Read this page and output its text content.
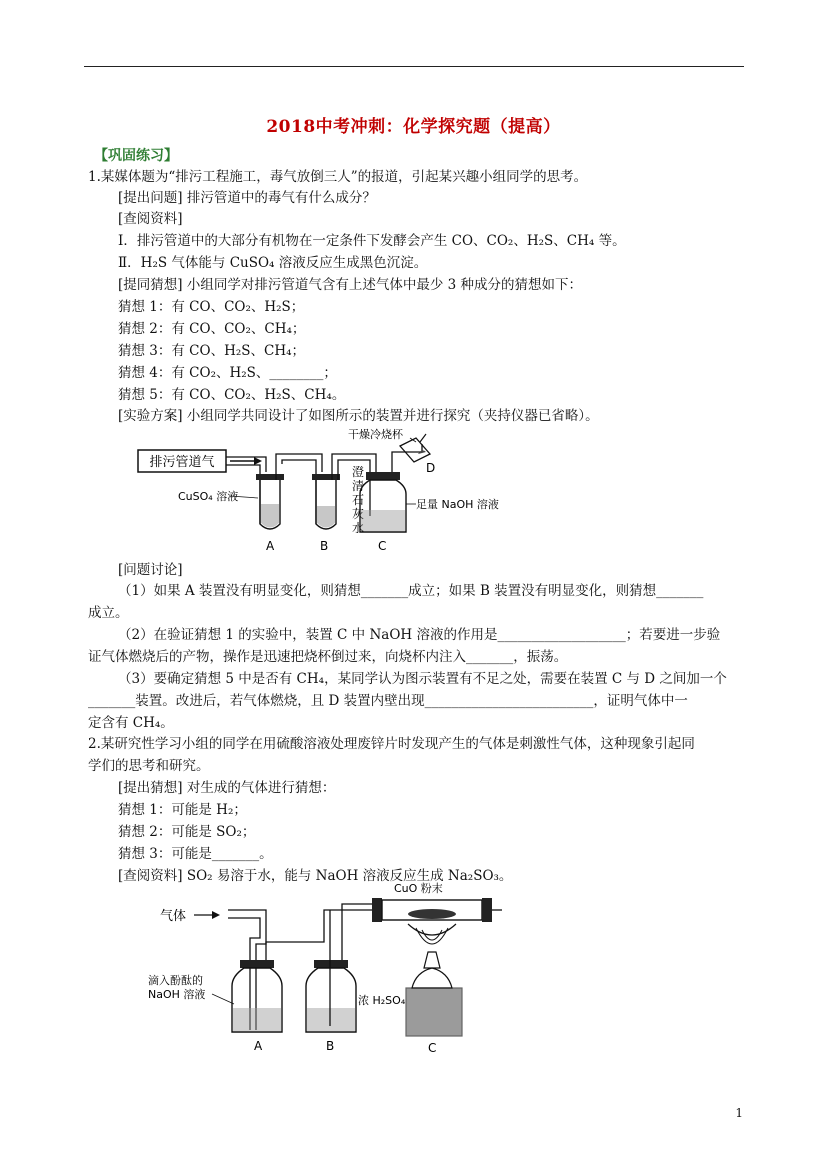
2018中考冲刺：化学探究题（提高）
【巩固练习】
1.某媒体题为“排污工程施工，毒气放倒三人”的报道，引起某兴趣小组同学的思考。
[提出问题] 排污管道中的毒气有什么成分？
[查阅资料]
Ⅰ．排污管道中的大部分有机物在一定条件下发酵会产生 CO、CO₂、H₂S、CH₄ 等。
Ⅱ．H₂S 气体能与 CuSO₄ 溶液反应生成黑色沉淀。
[提同猜想] 小组同学对排污管道气含有上述气体中最少 3 种成分的猜想如下：
猜想 1：有 CO、CO₂、H₂S；
猜想 2：有 CO、CO₂、CH₄；
猜想 3：有 CO、H₂S、CH₄；
猜想 4：有 CO₂、H₂S、________；
猜想 5：有 CO、CO₂、H₂S、CH₄。
[实验方案] 小组同学共同设计了如图所示的装置并进行探究（夹持仪器已省略）。
排污管道气
CuSO₄ 溶液
澄
清
石
灰
水
足量 NaOH 溶液
干燥冷烧杯
D
A	B	C
[问题讨论]
（1）如果 A 装置没有明显变化，则猜想_______成立；如果 B 装置没有明显变化，则猜想_______
成立。
（2）在验证猜想 1 的实验中，装置 C 中 NaOH 溶液的作用是___________________；若要进一步验
证气体燃烧后的产物，操作是迅速把烧杯倒过来，向烧杯内注入_______，振荡。
（3）要确定猜想 5 中是否有 CH₄，某同学认为图示装置有不足之处，需要在装置 C 与 D 之间加一个
_______装置。改进后，若气体燃烧，且 D 装置内壁出现_________________________，证明气体中一
定含有 CH₄。
2.某研究性学习小组的同学在用硫酸溶液处理废锌片时发现产生的气体是刺激性气体，这种现象引起同
学们的思考和研究。
[提出猜想] 对生成的气体进行猜想：
猜想 1：可能是 H₂；
猜想 2：可能是 SO₂；
猜想 3：可能是_______。
[查阅资料] SO₂ 易溶于水，能与 NaOH 溶液反应生成 Na₂SO₃。
气体
CuO 粉末
滴入酚酞的
NaOH 溶液	浓 H₂SO₄
A	B	C
1
